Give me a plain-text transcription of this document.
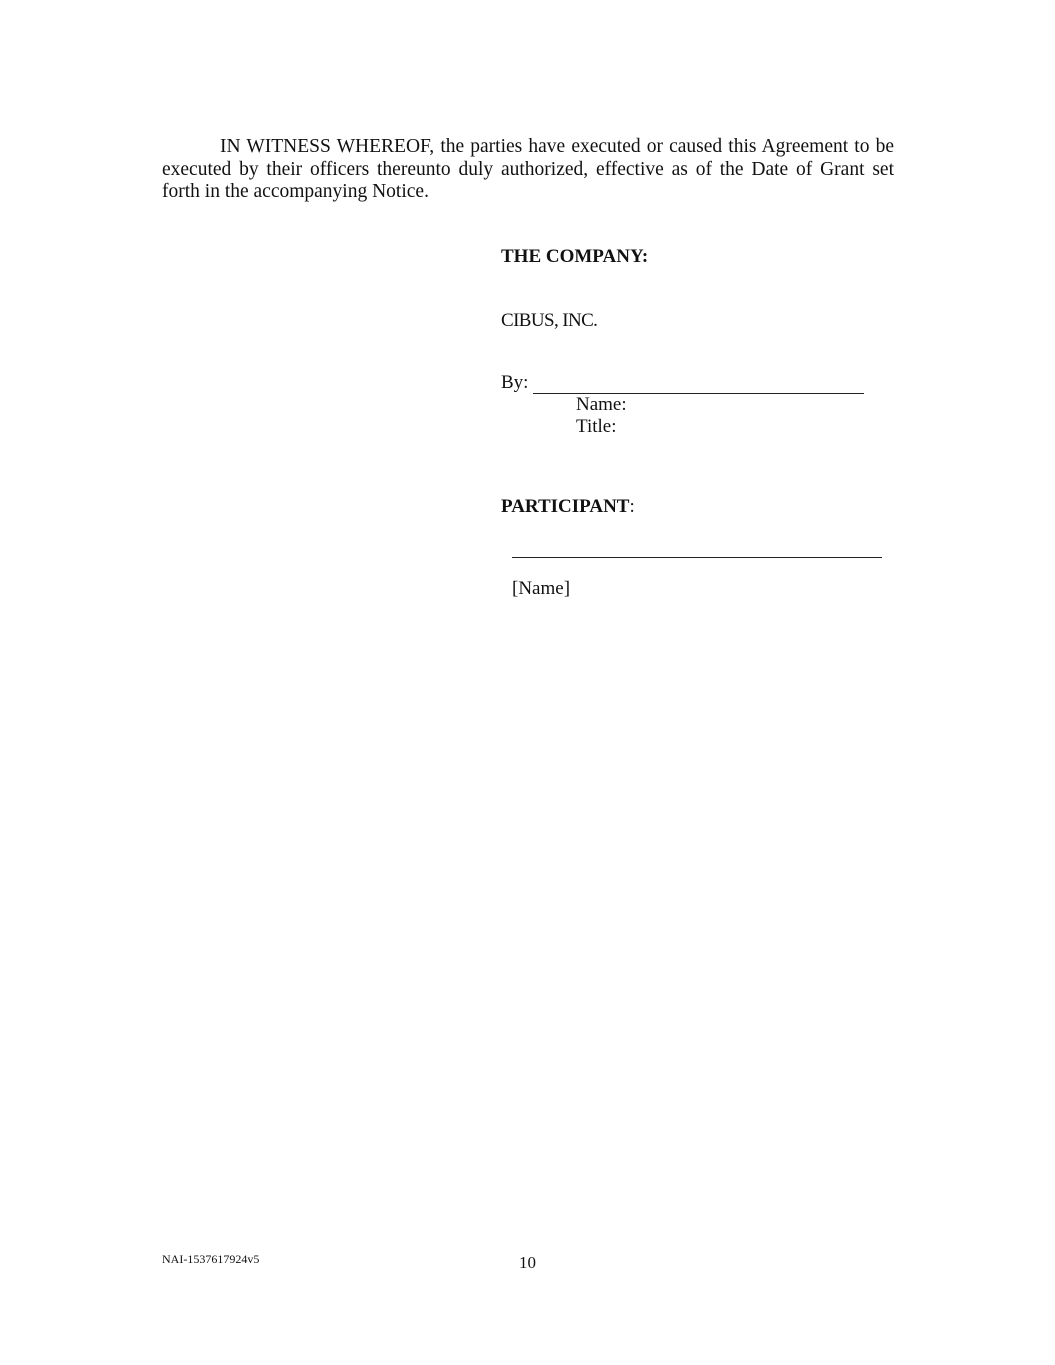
IN WITNESS WHEREOF, the parties have executed or caused this Agreement to be executed by their officers thereunto duly authorized, effective as of the Date of Grant set forth in the accompanying Notice.

THE COMPANY:
CIBUS, INC.
By:
Name:
Title:
PARTICIPANT:
[Name]
NAI-1537617924v5	10
